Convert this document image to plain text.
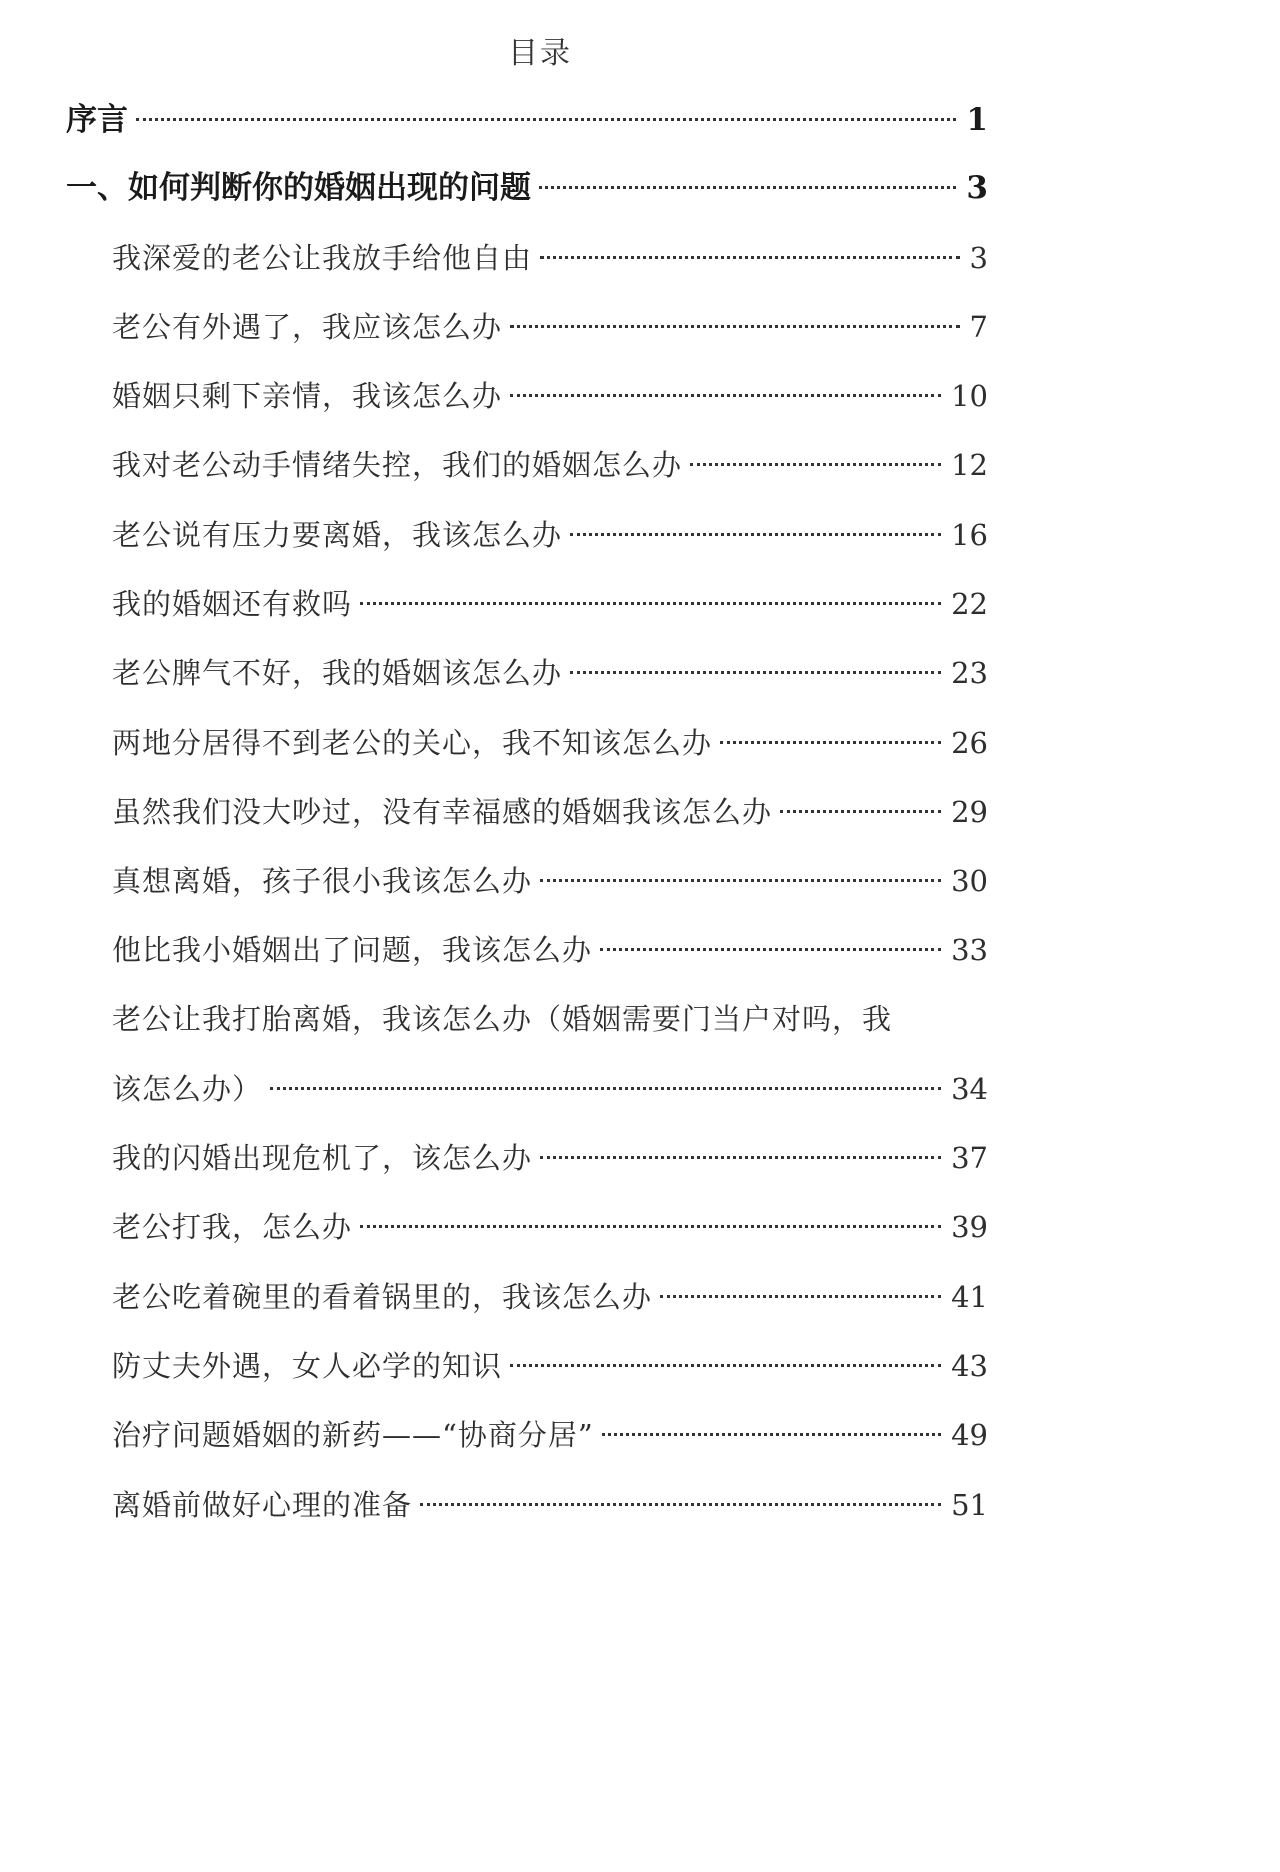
目录
序言	1
一、如何判断你的婚姻出现的问题	3
我深爱的老公让我放手给他自由	3
老公有外遇了，我应该怎么办	7
婚姻只剩下亲情，我该怎么办	10
我对老公动手情绪失控，我们的婚姻怎么办	12
老公说有压力要离婚，我该怎么办	16
我的婚姻还有救吗	22
老公脾气不好，我的婚姻该怎么办	23
两地分居得不到老公的关心，我不知该怎么办	26
虽然我们没大吵过，没有幸福感的婚姻我该怎么办	29
真想离婚，孩子很小我该怎么办	30
他比我小婚姻出了问题，我该怎么办	33
老公让我打胎离婚，我该怎么办（婚姻需要门当户对吗，我
该怎么办）	34
我的闪婚出现危机了，该怎么办	37
老公打我，怎么办	39
老公吃着碗里的看着锅里的，我该怎么办	41
防丈夫外遇，女人必学的知识	43
治疗问题婚姻的新药——“协商分居”	49
离婚前做好心理的准备	51
